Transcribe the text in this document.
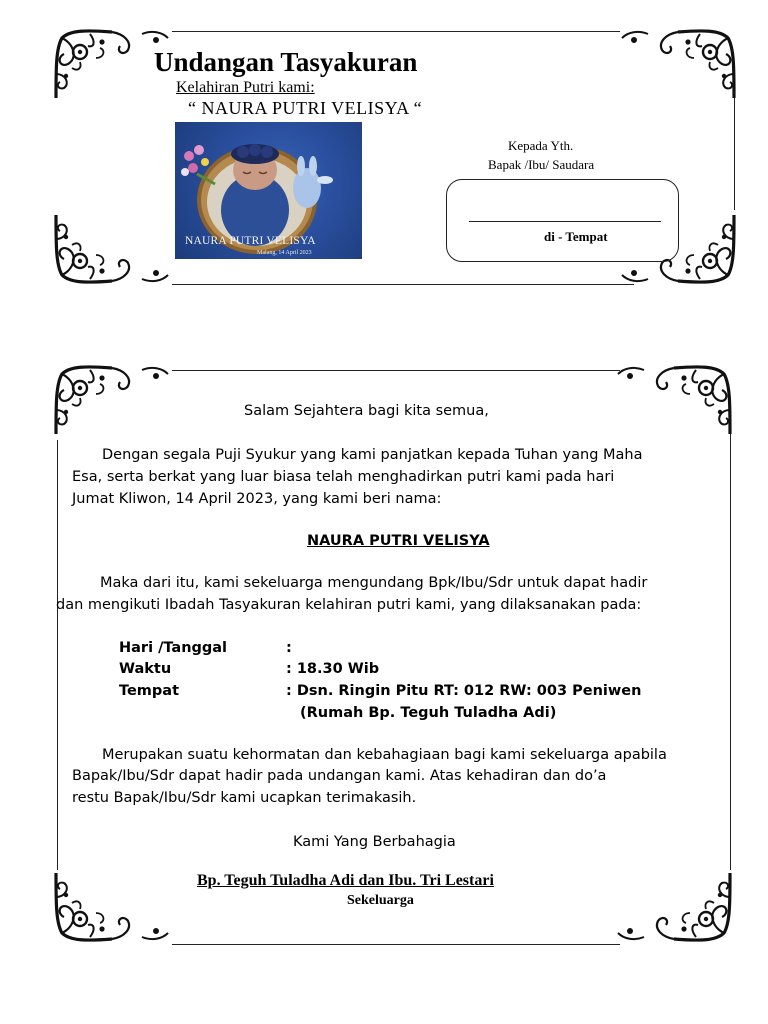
Undangan Tasyakuran
Kelahiran Putri kami:
“ NAURA PUTRI VELISYA “
NAURA PUTRI VELISYA
Malang, 14 April 2023
Kepada Yth.
Bapak /Ibu/ Saudara
di - Tempat
Salam Sejahtera bagi kita semua,
Dengan segala Puji Syukur yang kami panjatkan kepada Tuhan yang Maha
Esa, serta berkat yang luar biasa telah menghadirkan putri kami pada hari
Jumat Kliwon, 14 April 2023, yang kami beri nama:
NAURA PUTRI VELISYA
Maka dari itu, kami sekeluarga mengundang Bpk/Ibu/Sdr untuk dapat hadir
dan mengikuti Ibadah Tasyakuran kelahiran putri kami, yang dilaksanakan pada:
Hari /Tanggal	:
Waktu	: 18.30 Wib
Tempat	: Dsn. Ringin Pitu RT: 012 RW: 003 Peniwen
(Rumah Bp. Teguh Tuladha Adi)
Merupakan suatu kehormatan dan kebahagiaan bagi kami sekeluarga apabila
Bapak/Ibu/Sdr dapat hadir pada undangan kami. Atas kehadiran dan do’a
restu Bapak/Ibu/Sdr kami ucapkan terimakasih.
Kami Yang Berbahagia
Bp. Teguh Tuladha Adi dan Ibu. Tri Lestari
Sekeluarga
